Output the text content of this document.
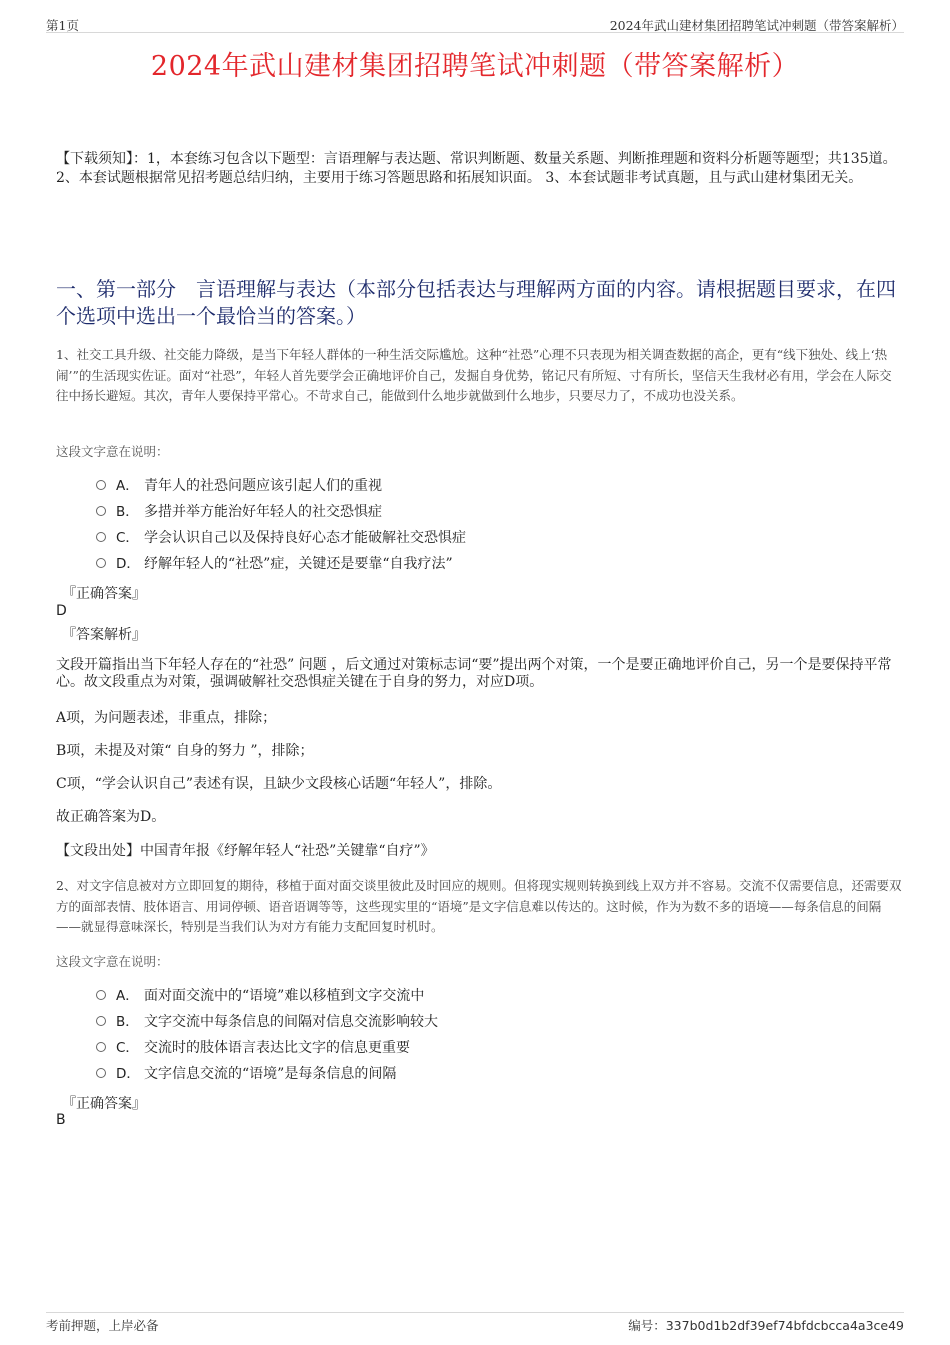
第1页	2024年武山建材集团招聘笔试冲刺题（带答案解析）
2024年武山建材集团招聘笔试冲刺题（带答案解析）
【下载须知】：1，本套练习包含以下题型：言语理解与表达题、常识判断题、数量关系题、判断推理题和资料分析题等题型；共135道。 2、本套试题根据常见招考题总结归纳，主要用于练习答题思路和拓展知识面。 3、本套试题非考试真题，且与武山建材集团无关。
一、第一部分　言语理解与表达（本部分包括表达与理解两方面的内容。请根据题目要求，在四个选项中选出一个最恰当的答案。）
1、社交工具升级、社交能力降级，是当下年轻人群体的一种生活交际尴尬。这种“社恐”心理不只表现为相关调查数据的高企，更有“线下独处、线上‘热闹’”的生活现实佐证。面对“社恐”，年轻人首先要学会正确地评价自己，发掘自身优势，铭记尺有所短、寸有所长，坚信天生我材必有用，学会在人际交往中扬长避短。其次，青年人要保持平常心。不苛求自己，能做到什么地步就做到什么地步，只要尽力了，不成功也没关系。
这段文字意在说明：
A． 青年人的社恐问题应该引起人们的重视
B． 多措并举方能治好年轻人的社交恐惧症
C． 学会认识自己以及保持良好心态才能破解社交恐惧症
D． 纾解年轻人的“社恐”症，关键还是要靠“自我疗法”
『正确答案』
D
『答案解析』
文段开篇指出当下年轻人存在的“社恐” 问题 ，后文通过对策标志词“要”提出两个对策，一个是要正确地评价自己，另一个是要保持平常心。故文段重点为对策，强调破解社交恐惧症关键在于自身的努力，对应D项。
A项，为问题表述，非重点，排除；
B项，未提及对策“ 自身的努力 ”，排除；
C项，“学会认识自己”表述有误，且缺少文段核心话题“年轻人”，排除。
故正确答案为D。
【文段出处】中国青年报《纾解年轻人“社恐”关键靠“自疗”》
2、对文字信息被对方立即回复的期待，移植于面对面交谈里彼此及时回应的规则。但将现实规则转换到线上双方并不容易。交流不仅需要信息，还需要双方的面部表情、肢体语言、用词停顿、语音语调等等，这些现实里的“语境”是文字信息难以传达的。这时候，作为为数不多的语境——每条信息的间隔——就显得意味深长，特别是当我们认为对方有能力支配回复时机时。
这段文字意在说明：
A． 面对面交流中的“语境”难以移植到文字交流中
B． 文字交流中每条信息的间隔对信息交流影响较大
C． 交流时的肢体语言表达比文字的信息更重要
D． 文字信息交流的“语境”是每条信息的间隔
『正确答案』
B
考前押题，上岸必备	编号：337b0d1b2df39ef74bfdcbcca4a3ce49
